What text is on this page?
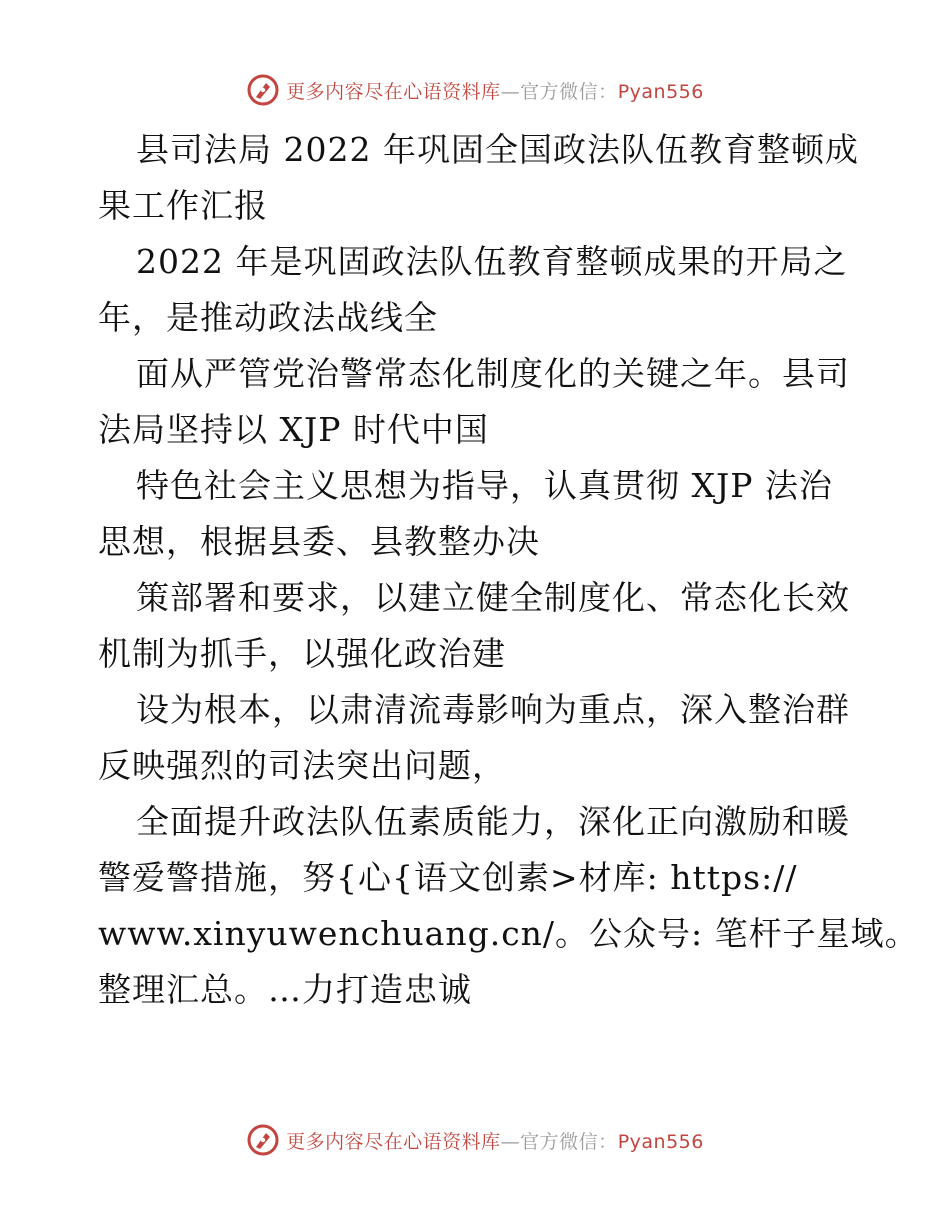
更多内容尽在心语资料库—官方微信：Pyan556
县司法局 2022 年巩固全国政法队伍教育整顿成
果工作汇报
2022 年是巩固政法队伍教育整顿成果的开局之
年，是推动政法战线全
面从严管党治警常态化制度化的关键之年。县司
法局坚持以 XJP 时代中国
特色社会主义思想为指导，认真贯彻 XJP 法治
思想，根据县委、县教整办决
策部署和要求，以建立健全制度化、常态化长效
机制为抓手，以强化政治建
设为根本，以肃清流毒影响为重点，深入整治群
反映强烈的司法突出问题，
全面提升政法队伍素质能力，深化正向激励和暖
警爱警措施，努{心{语文创素>材库: https://
www.xinyuwenchuang.cn/。公众号: 笔杆子星域。
整理汇总。…力打造忠诚
更多内容尽在心语资料库—官方微信：Pyan556
